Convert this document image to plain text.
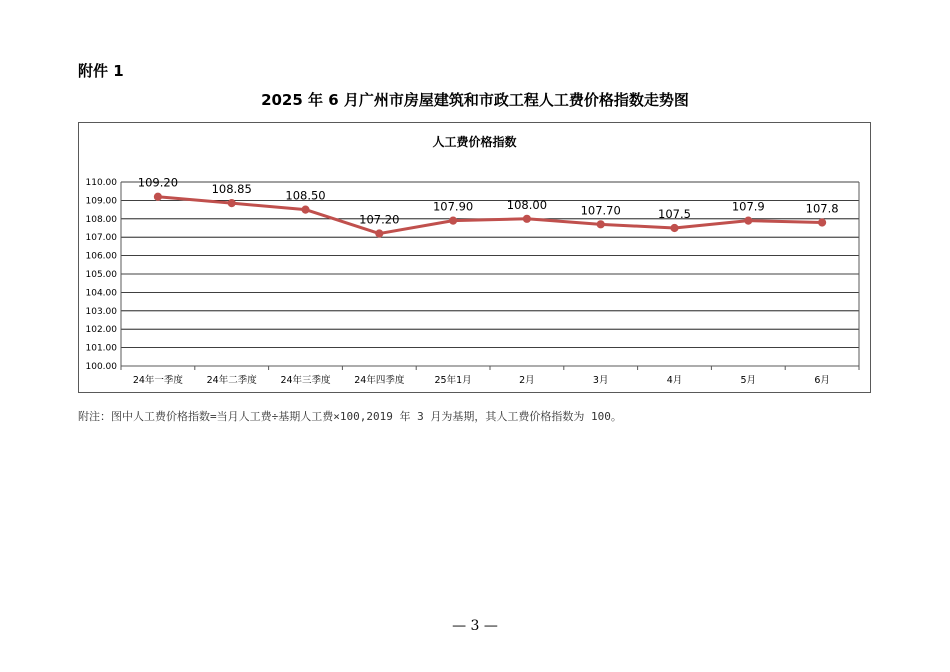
附件 1
2025 年 6 月广州市房屋建筑和市政工程人工费价格指数走势图
人工费价格指数
100.00
101.00
102.00
103.00
104.00
105.00
106.00
107.00
108.00
109.00
110.00
24年一季度 24年二季度 24年三季度 24年四季度	25年1月	2月	3月	4月	5月	6月
109.20	108.85	108.50
107.20
107.90	108.00	107.70	107.5
107.9	107.8
附注：图中人工费价格指数=当月人工费÷基期人工费×100,2019 年 3 月为基期，其人工费价格指数为 100。
— 3 —
